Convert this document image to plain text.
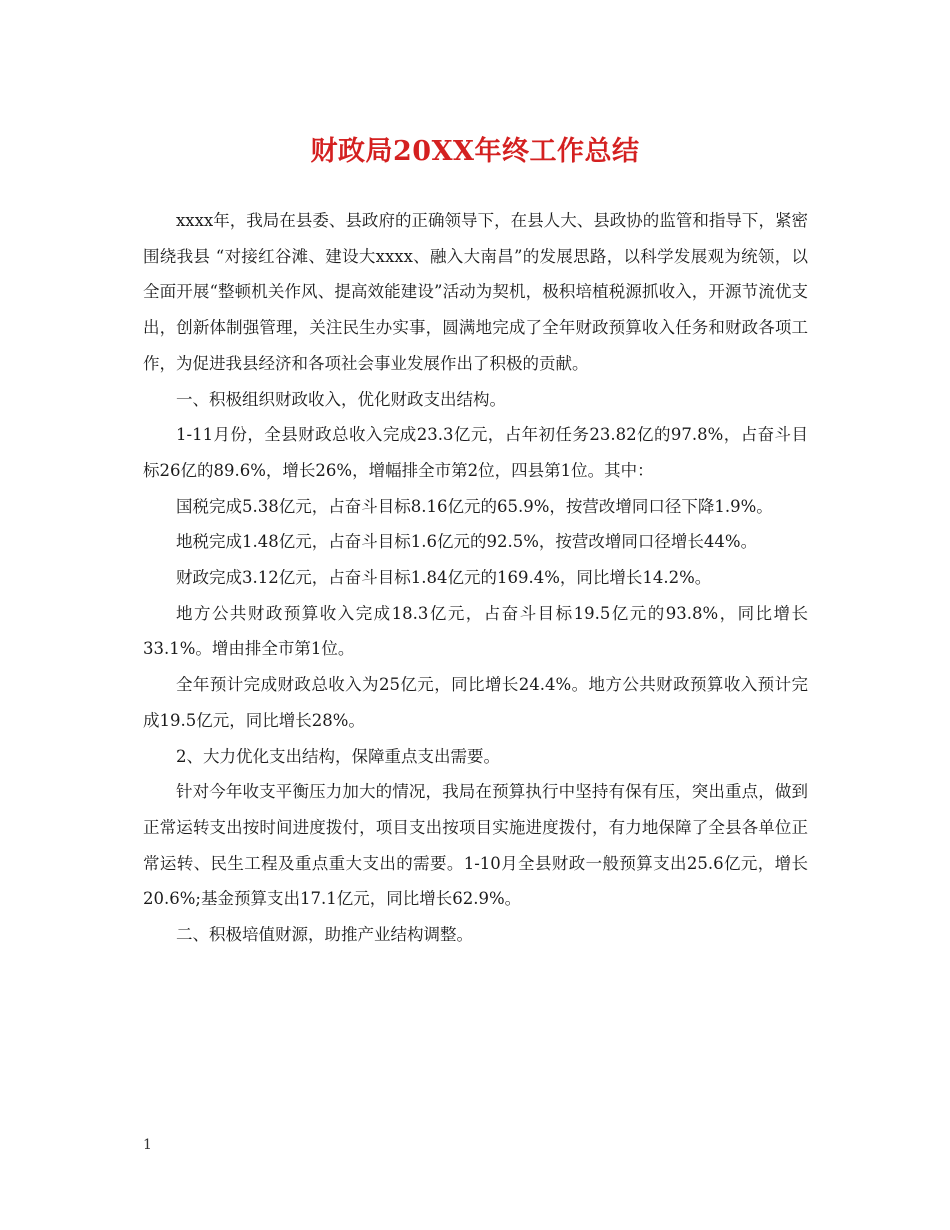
财政局20XX年终工作总结

xxxx年，我局在县委、县政府的正确领导下，在县人大、县政协的监管和指导下，紧密围绕我县 “对接红谷滩、建设大xxxx、融入大南昌”的发展思路，以科学发展观为统领，以全面开展“整顿机关作风、提高效能建设”活动为契机，极积培植税源抓收入，开源节流优支出，创新体制强管理，关注民生办实事，圆满地完成了全年财政预算收入任务和财政各项工作，为促进我县经济和各项社会事业发展作出了积极的贡献。

一、积极组织财政收入，优化财政支出结构。

1-11月份，全县财政总收入完成23.3亿元，占年初任务23.82亿的97.8%，占奋斗目标26亿的89.6%，增长26%，增幅排全市第2位，四县第1位。其中：

国税完成5.38亿元，占奋斗目标8.16亿元的65.9%，按营改增同口径下降1.9%。

地税完成1.48亿元，占奋斗目标1.6亿元的92.5%，按营改增同口径增长44%。

财政完成3.12亿元，占奋斗目标1.84亿元的169.4%，同比增长14.2%。

地方公共财政预算收入完成18.3亿元，占奋斗目标19.5亿元的93.8%，同比增长33.1%。增由排全市第1位。

全年预计完成财政总收入为25亿元，同比增长24.4%。地方公共财政预算收入预计完成19.5亿元，同比增长28%。

2、大力优化支出结构，保障重点支出需要。

针对今年收支平衡压力加大的情况，我局在预算执行中坚持有保有压，突出重点，做到正常运转支出按时间进度拨付，项目支出按项目实施进度拨付，有力地保障了全县各单位正常运转、民生工程及重点重大支出的需要。1-10月全县财政一般预算支出25.6亿元，增长20.6%;基金预算支出17.1亿元，同比增长62.9%。

二、积极培值财源，助推产业结构调整。

1
